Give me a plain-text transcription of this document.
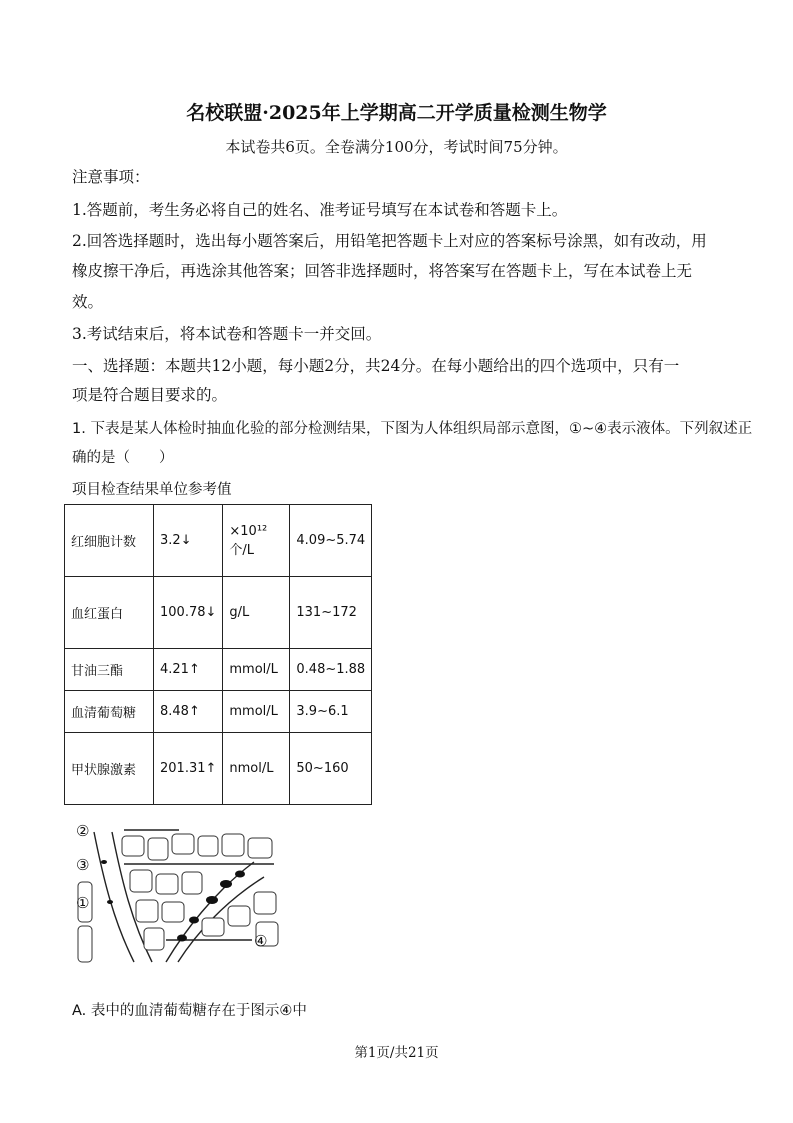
名校联盟·2025年上学期高二开学质量检测生物学
本试卷共6页。全卷满分100分，考试时间75分钟。
注意事项：
1.答题前，考生务必将自己的姓名、准考证号填写在本试卷和答题卡上。
2.回答选择题时，选出每小题答案后，用铅笔把答题卡上对应的答案标号涂黑，如有改动，用
橡皮擦干净后，再选涂其他答案；回答非选择题时，将答案写在答题卡上，写在本试卷上无
效。
3.考试结束后，将本试卷和答题卡一并交回。
一、选择题：本题共12小题，每小题2分，共24分。在每小题给出的四个选项中，只有一
项是符合题目要求的。
1. 下表是某人体检时抽血化验的部分检测结果，下图为人体组织局部示意图，①~④表示液体。下列叙述正
确的是（　　）
项目检查结果单位参考值
红细胞计数	3.2↓	×10¹² 个/L	4.09~5.74
血红蛋白	100.78↓	g/L	131~172
甘油三酯	4.21↑	mmol/L	0.48~1.88
血清葡萄糖	8.48↑	mmol/L	3.9~6.1
甲状腺激素	201.31↑	nmol/L	50~160
②
③
①
④
A. 表中的血清葡萄糖存在于图示④中
第1页/共21页
